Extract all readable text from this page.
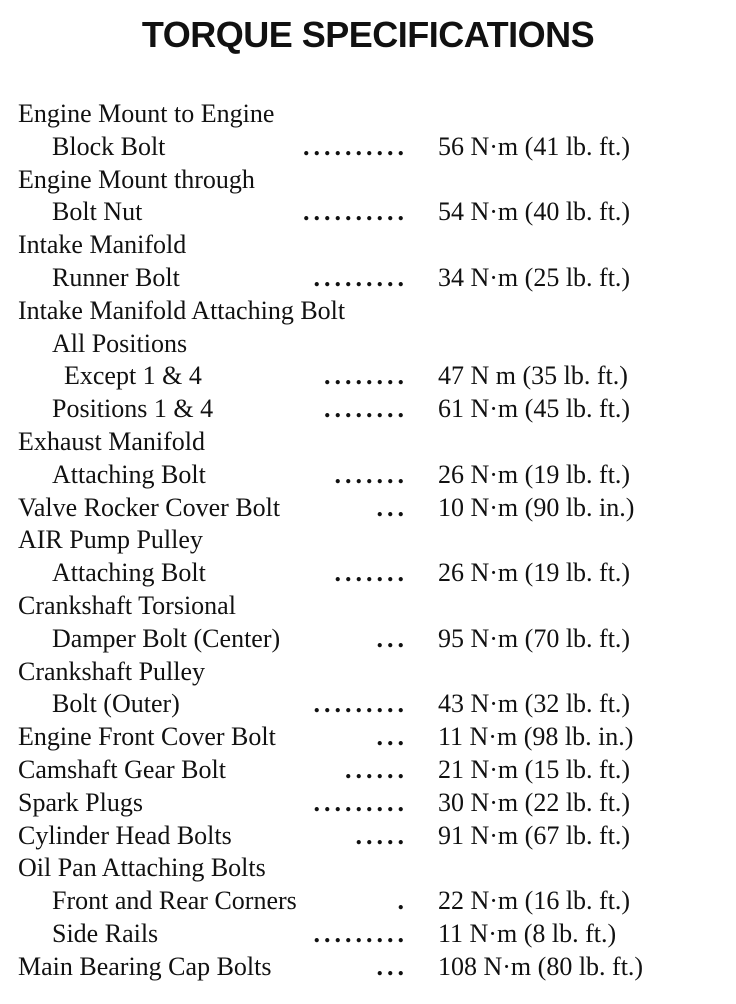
TORQUE SPECIFICATIONS
Engine Mount to Engine
Block Bolt	.......... 56 N·m (41 lb. ft.)
Engine Mount through
Bolt Nut	.......... 54 N·m (40 lb. ft.)
Intake Manifold
Runner Bolt	......... 34 N·m (25 lb. ft.)
Intake Manifold Attaching Bolt
All Positions
Except 1 & 4	........ 47 N m (35 lb. ft.)
Positions 1 & 4	........ 61 N·m (45 lb. ft.)
Exhaust Manifold
Attaching Bolt	....... 26 N·m (19 lb. ft.)
Valve Rocker Cover Bolt	... 10 N·m (90 lb. in.)
AIR Pump Pulley
Attaching Bolt	....... 26 N·m (19 lb. ft.)
Crankshaft Torsional
Damper Bolt (Center)	... 95 N·m (70 lb. ft.)
Crankshaft Pulley
Bolt (Outer)	......... 43 N·m (32 lb. ft.)
Engine Front Cover Bolt	... 11 N·m (98 lb. in.)
Camshaft Gear Bolt	...... 21 N·m (15 lb. ft.)
Spark Plugs	......... 30 N·m (22 lb. ft.)
Cylinder Head Bolts	..... 91 N·m (67 lb. ft.)
Oil Pan Attaching Bolts
Front and Rear Corners	. 22 N·m (16 lb. ft.)
Side Rails	......... 11 N·m (8 lb. ft.)
Main Bearing Cap Bolts	... 108 N·m (80 lb. ft.)
